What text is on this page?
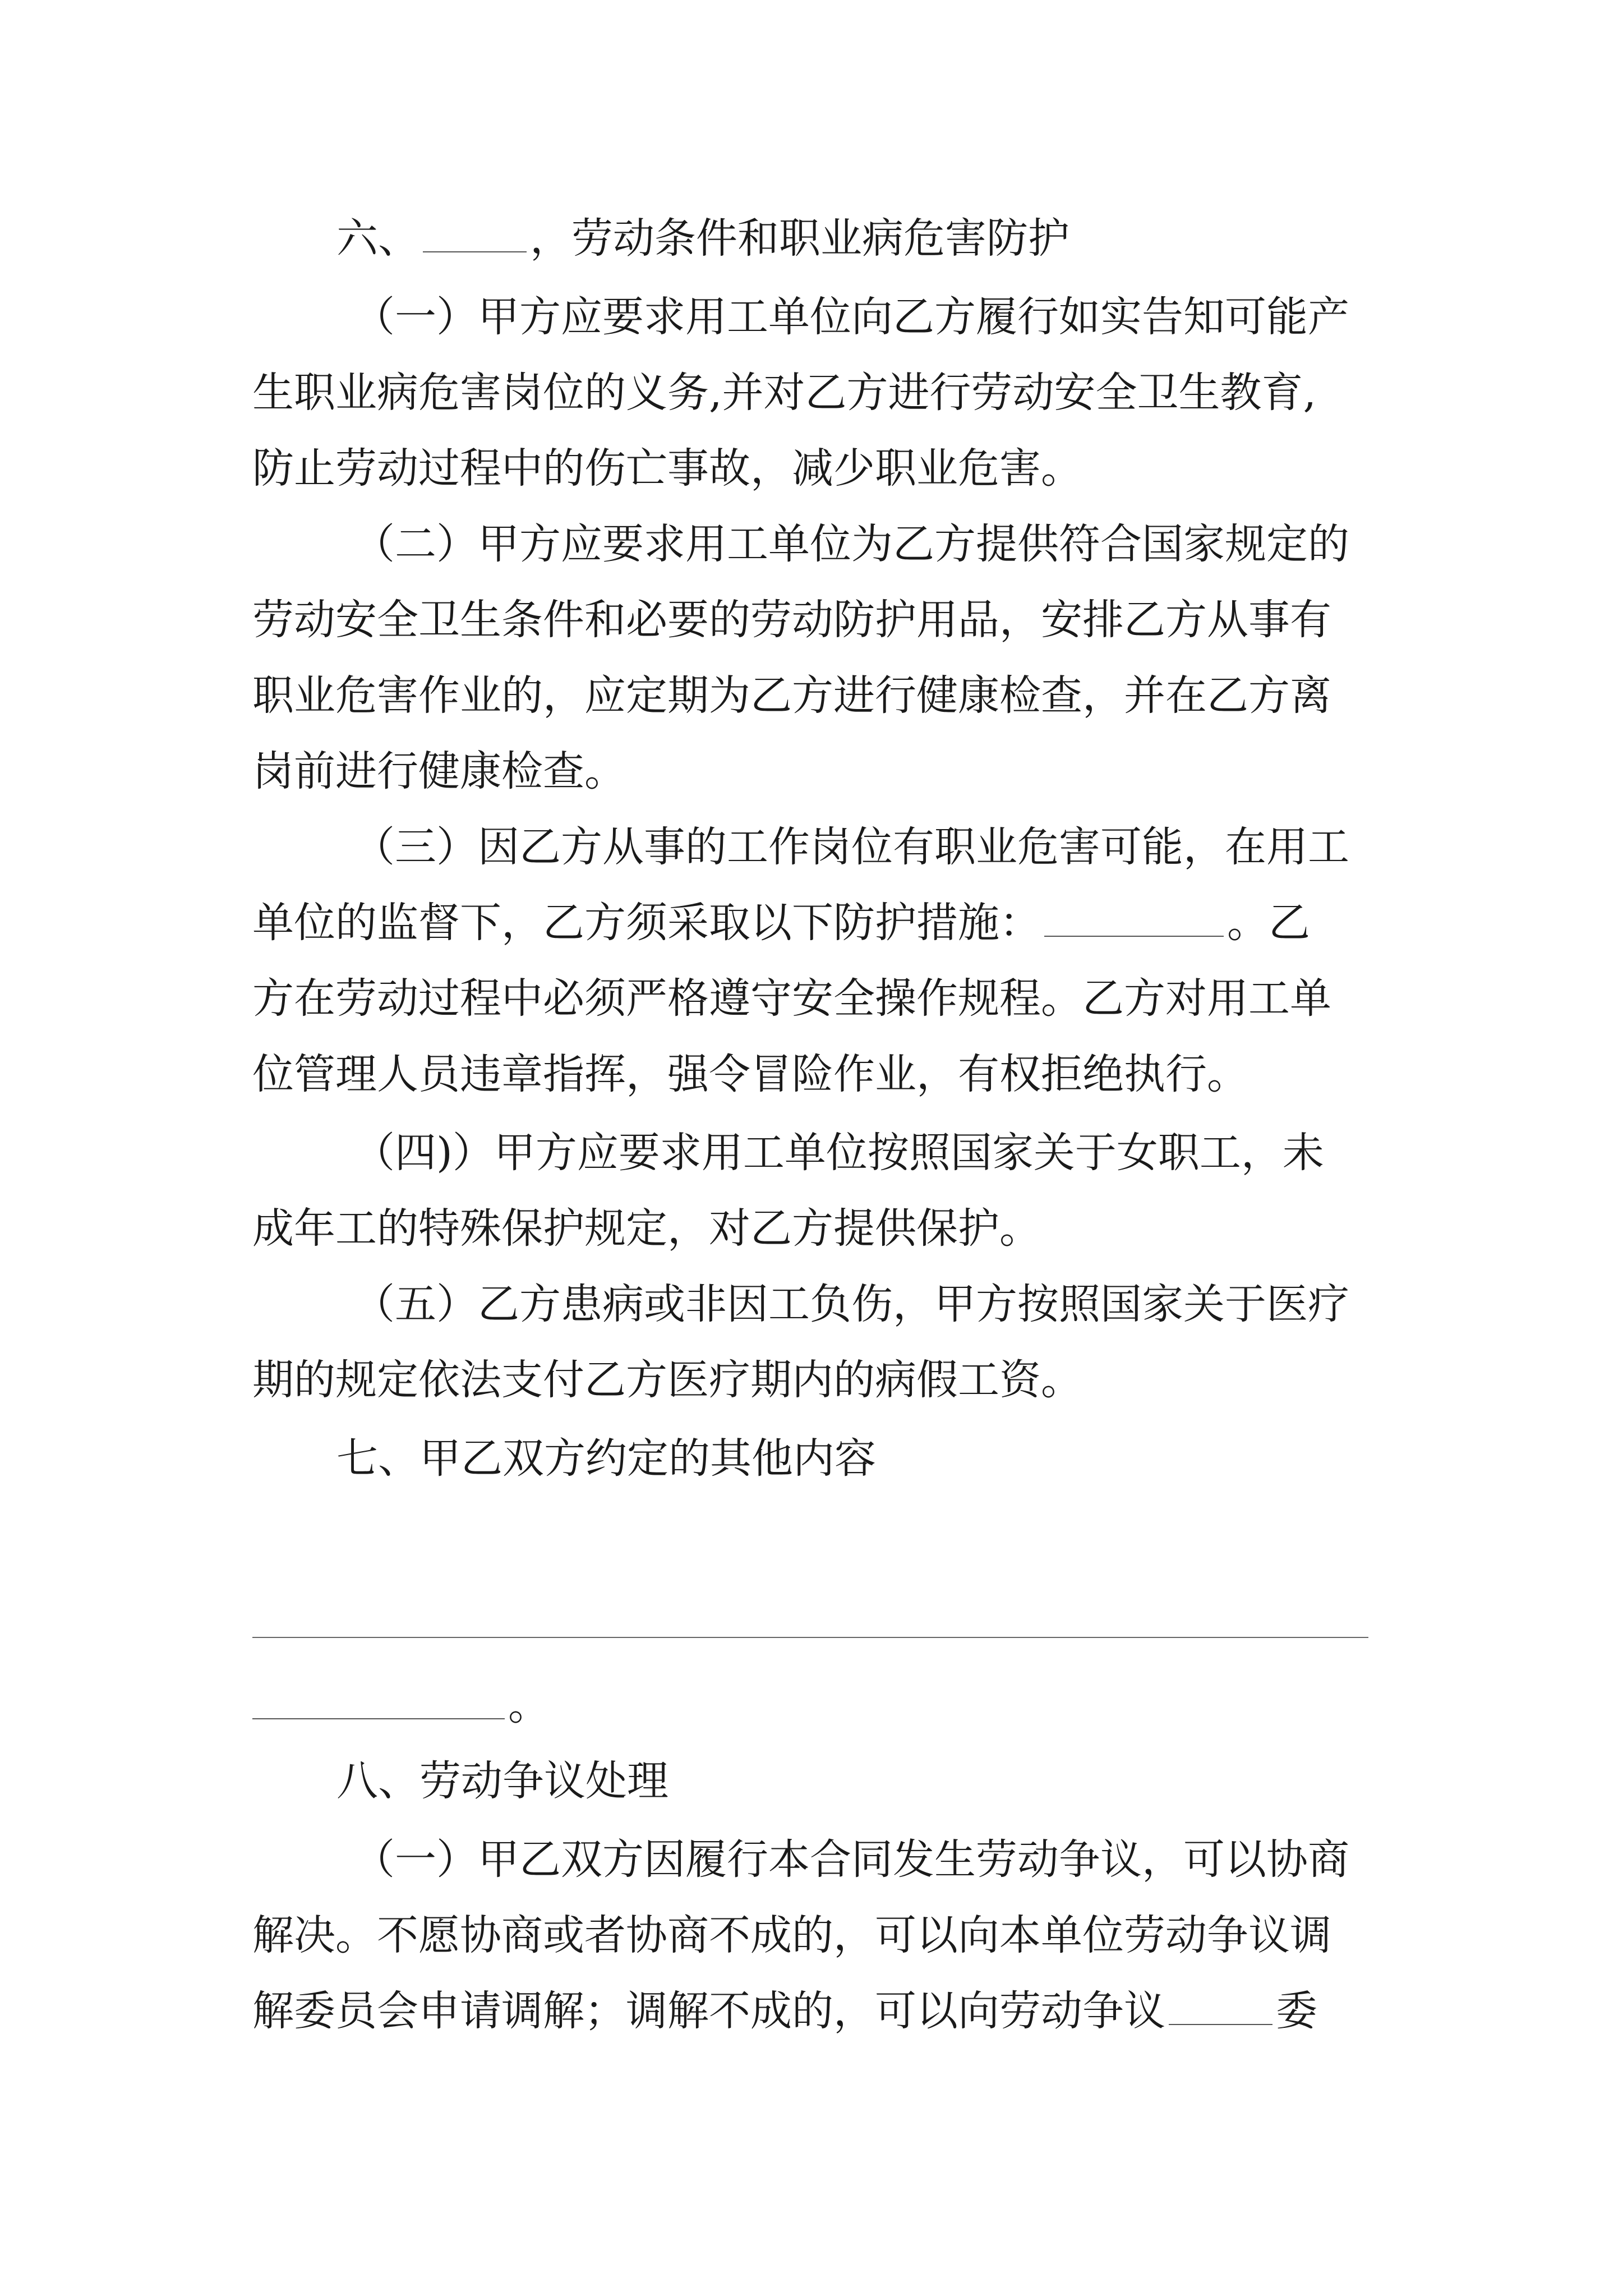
六、	，劳动条件和职业病危害防护
（一）甲方应要求用工单位向乙方履行如实告知可能产
生职业病危害岗位的义务,并对乙方进行劳动安全卫生教育,
防止劳动过程中的伤亡事故，减少职业危害。
（二）甲方应要求用工单位为乙方提供符合国家规定的
劳动安全卫生条件和必要的劳动防护用品，安排乙方从事有
职业危害作业的，应定期为乙方进行健康检查，并在乙方离
岗前进行健康检查。
（三）因乙方从事的工作岗位有职业危害可能，在用工
单位的监督下，乙方须采取以下防护措施：	。乙
方在劳动过程中必须严格遵守安全操作规程。乙方对用工单
位管理人员违章指挥，强令冒险作业，有权拒绝执行。
（四)）甲方应要求用工单位按照国家关于女职工，未
成年工的特殊保护规定，对乙方提供保护。
（五）乙方患病或非因工负伤，甲方按照国家关于医疗
期的规定依法支付乙方医疗期内的病假工资。
七、甲乙双方约定的其他内容
。
八、劳动争议处理
（一）甲乙双方因履行本合同发生劳动争议，可以协商
解决。不愿协商或者协商不成的，可以向本单位劳动争议调
解委员会申请调解；调解不成的，可以向劳动争议	委
